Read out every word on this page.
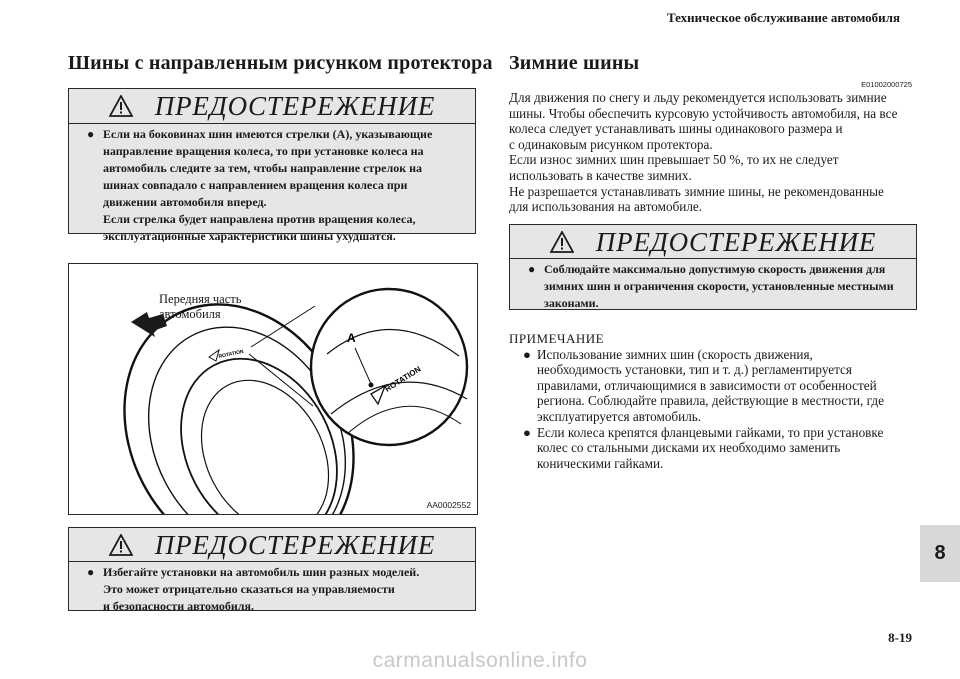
Техническое обслуживание автомобиля
Шины с направленным рисунком протектора
ПРЕДОСТЕРЕЖЕНИЕ
● Если на боковинах шин имеются стрелки (A), указывающие
направление вращения колеса, то при установке колеса на
автомобиль следите за тем, чтобы направление стрелок на
шинах совпадало с направлением вращения колеса при
движении автомобиля вперед.
Если стрелка будет направлена против вращения колеса,
эксплуатационные характеристики шины ухудшатся.
ROTATION
A
ROTATION
Передняя часть
автомобиля
AA0002552
ПРЕДОСТЕРЕЖЕНИЕ
● Избегайте установки на автомобиль шин разных моделей.
Это может отрицательно сказаться на управляемости
и безопасности автомобиля.
Зимние шины
E01002000725
Для движения по снегу и льду рекомендуется использовать зимние
шины. Чтобы обеспечить курсовую устойчивость автомобиля, на все
колеса следует устанавливать шины одинакового размера и
с одинаковым рисунком протектора.
Если износ зимних шин превышает 50 %, то их не следует
использовать в качестве зимних.
Не разрешается устанавливать зимние шины, не рекомендованные
для использования на автомобиле.
ПРЕДОСТЕРЕЖЕНИЕ
● Соблюдайте максимально допустимую скорость движения для
зимних шин и ограничения скорости, установленные местными
законами.
ПРИМЕЧАНИЕ
● Использование зимних шин (скорость движения,
необходимость установки, тип и т. д.) регламентируется
правилами, отличающимися в зависимости от особенностей
региона. Соблюдайте правила, действующие в местности, где
эксплуатируется автомобиль.
● Если колеса крепятся фланцевыми гайками, то при установке
колес со стальными дисками их необходимо заменить
коническими гайками.
8
8-19
carmanualsonline.info
